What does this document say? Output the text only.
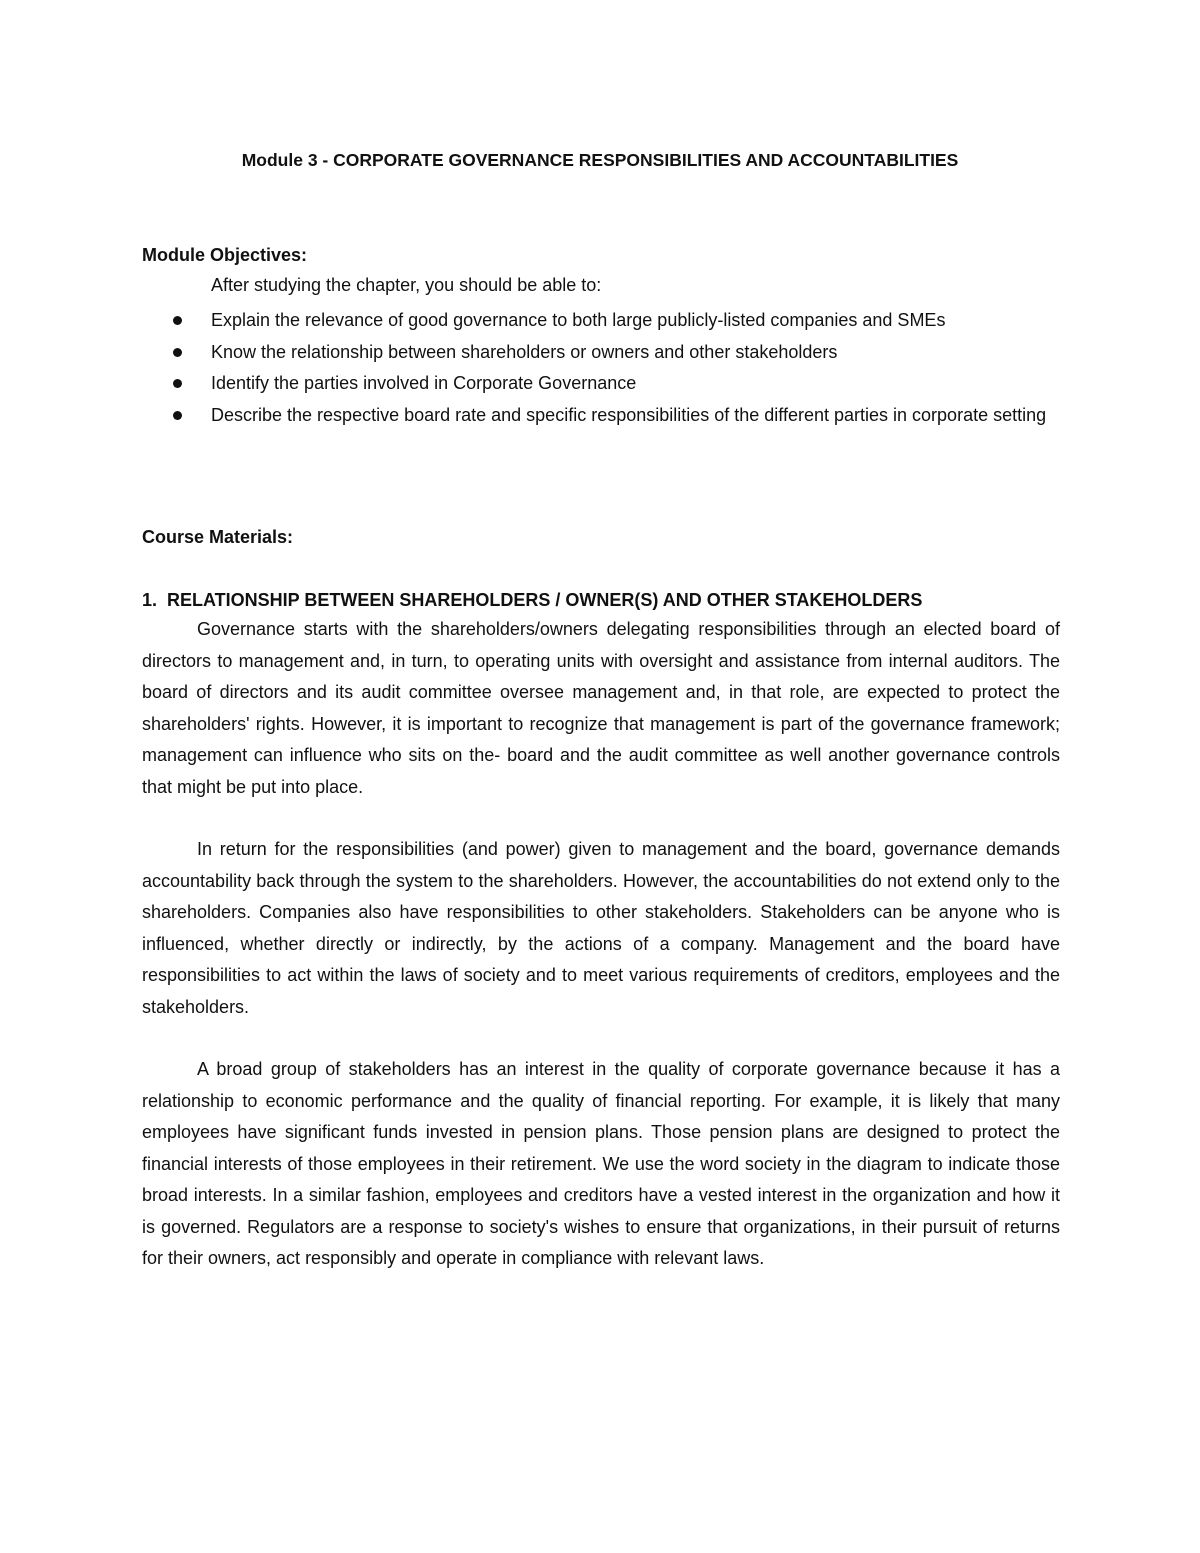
Module 3 - CORPORATE GOVERNANCE RESPONSIBILITIES AND ACCOUNTABILITIES
Module Objectives:
After studying the chapter, you should be able to:
Explain the relevance of good governance to both large publicly-listed companies and SMEs
Know the relationship between shareholders or owners and other stakeholders
Identify the parties involved in Corporate Governance
Describe the respective board rate and specific responsibilities of the different parties in corporate setting
Course Materials:
1.  RELATIONSHIP BETWEEN SHAREHOLDERS / OWNER(S) AND OTHER STAKEHOLDERS

Governance starts with the shareholders/owners delegating responsibilities through an elected board of directors to management and, in turn, to operating units with oversight and assistance from internal auditors. The board of directors and its audit committee oversee management and, in that role, are expected to protect the shareholders' rights. However, it is important to recognize that management is part of the governance framework; management can influence who sits on the- board and the audit committee as well another governance controls that might be put into place.

In return for the responsibilities (and power) given to management and the board, governance demands accountability back through the system to the shareholders. However, the accountabilities do not extend only to the shareholders. Companies also have responsibilities to other stakeholders. Stakeholders can be anyone who is influenced, whether directly or indirectly, by the actions of a company. Management and the board have responsibilities to act within the laws of society and to meet various requirements of creditors, employees and the stakeholders.

A broad group of stakeholders has an interest in the quality of corporate governance because it has a relationship to economic performance and the quality of financial reporting. For example, it is likely that many employees have significant funds invested in pension plans. Those pension plans are designed to protect the financial interests of those employees in their retirement. We use the word society in the diagram to indicate those broad interests. In a similar fashion, employees and creditors have a vested interest in the organization and how it is governed. Regulators are a response to society's wishes to ensure that organizations, in their pursuit of returns for their owners, act responsibly and operate in compliance with relevant laws.
